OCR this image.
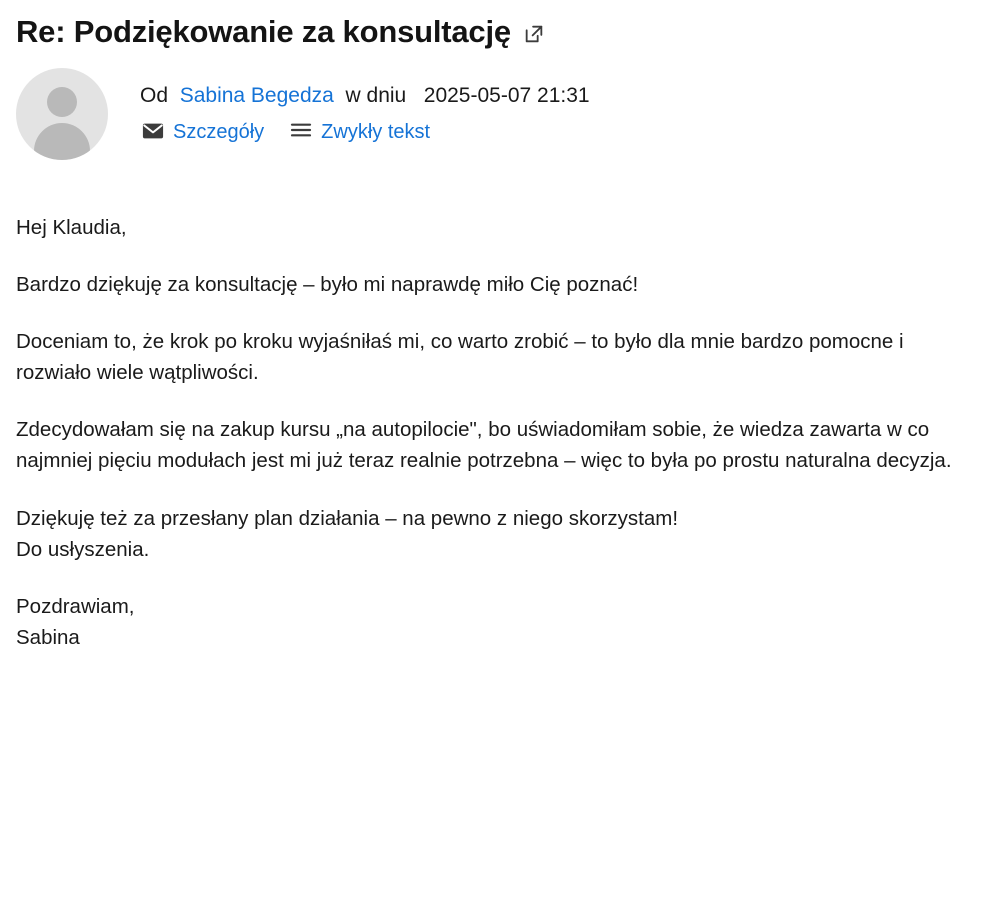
Re: Podziękowanie za konsultację
Od Sabina Begedza w dniu 2025-05-07 21:31
Szczegóły	Zwykły tekst

Hej Klaudia,

Bardzo dziękuję za konsultację – było mi naprawdę miło Cię poznać!

Doceniam to, że krok po kroku wyjaśniłaś mi, co warto zrobić – to było dla mnie bardzo pomocne i rozwiało wiele wątpliwości.

Zdecydowałam się na zakup kursu „na autopilocie", bo uświadomiłam sobie, że wiedza zawarta w co najmniej pięciu modułach jest mi już teraz realnie potrzebna – więc to była po prostu naturalna decyzja.

Dziękuję też za przesłany plan działania – na pewno z niego skorzystam!

Do usłyszenia.

Pozdrawiam,

Sabina
